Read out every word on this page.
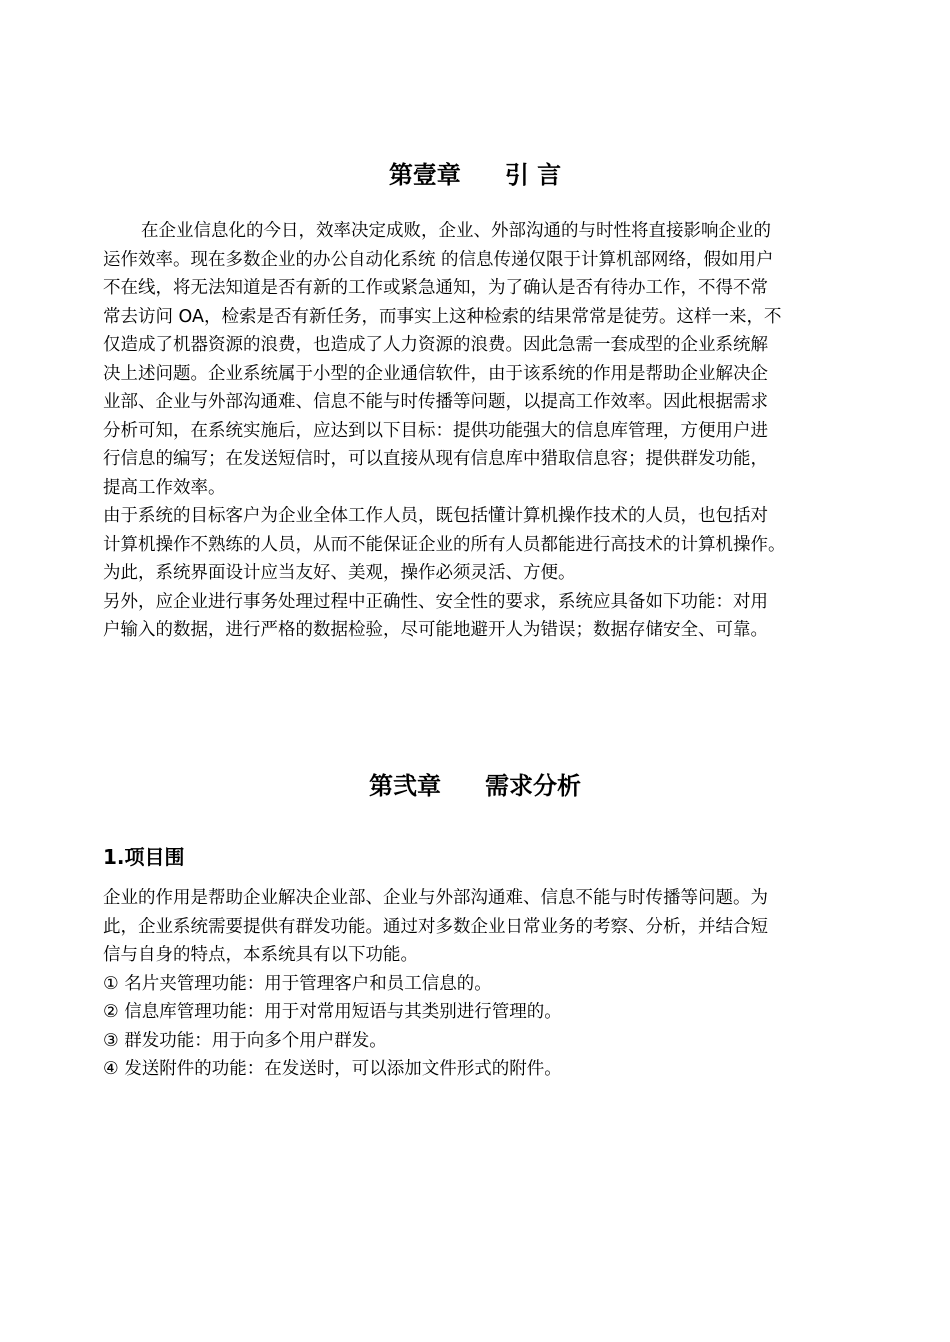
第壹章 引 言

在企业信息化的今日，效率决定成败，企业、外部沟通的与时性将直接影响企业的

运作效率。现在多数企业的办公自动化系统 的信息传递仅限于计算机部网络，假如用户

不在线，将无法知道是否有新的工作或紧急通知，为了确认是否有待办工作，不得不常

常去访问 OA，检索是否有新任务，而事实上这种检索的结果常常是徒劳。这样一来，不

仅造成了机器资源的浪费，也造成了人力资源的浪费。因此急需一套成型的企业系统解

决上述问题。企业系统属于小型的企业通信软件，由于该系统的作用是帮助企业解决企

业部、企业与外部沟通难、信息不能与时传播等问题，以提高工作效率。因此根据需求

分析可知，在系统实施后，应达到以下目标：提供功能强大的信息库管理，方便用户进

行信息的编写；在发送短信时，可以直接从现有信息库中猎取信息容；提供群发功能，

提高工作效率。

由于系统的目标客户为企业全体工作人员，既包括懂计算机操作技术的人员，也包括对

计算机操作不熟练的人员，从而不能保证企业的所有人员都能进行高技术的计算机操作。

为此，系统界面设计应当友好、美观，操作必须灵活、方便。

另外，应企业进行事务处理过程中正确性、安全性的要求，系统应具备如下功能：对用

户输入的数据，进行严格的数据检验，尽可能地避开人为错误；数据存储安全、可靠。

第弐章 需求分析
1.项目围

企业的作用是帮助企业解决企业部、企业与外部沟通难、信息不能与时传播等问题。为

此，企业系统需要提供有群发功能。通过对多数企业日常业务的考察、分析，并结合短

信与自身的特点，本系统具有以下功能。

① 名片夹管理功能：用于管理客户和员工信息的。

② 信息库管理功能：用于对常用短语与其类别进行管理的。

③ 群发功能：用于向多个用户群发。

④ 发送附件的功能：在发送时，可以添加文件形式的附件。
